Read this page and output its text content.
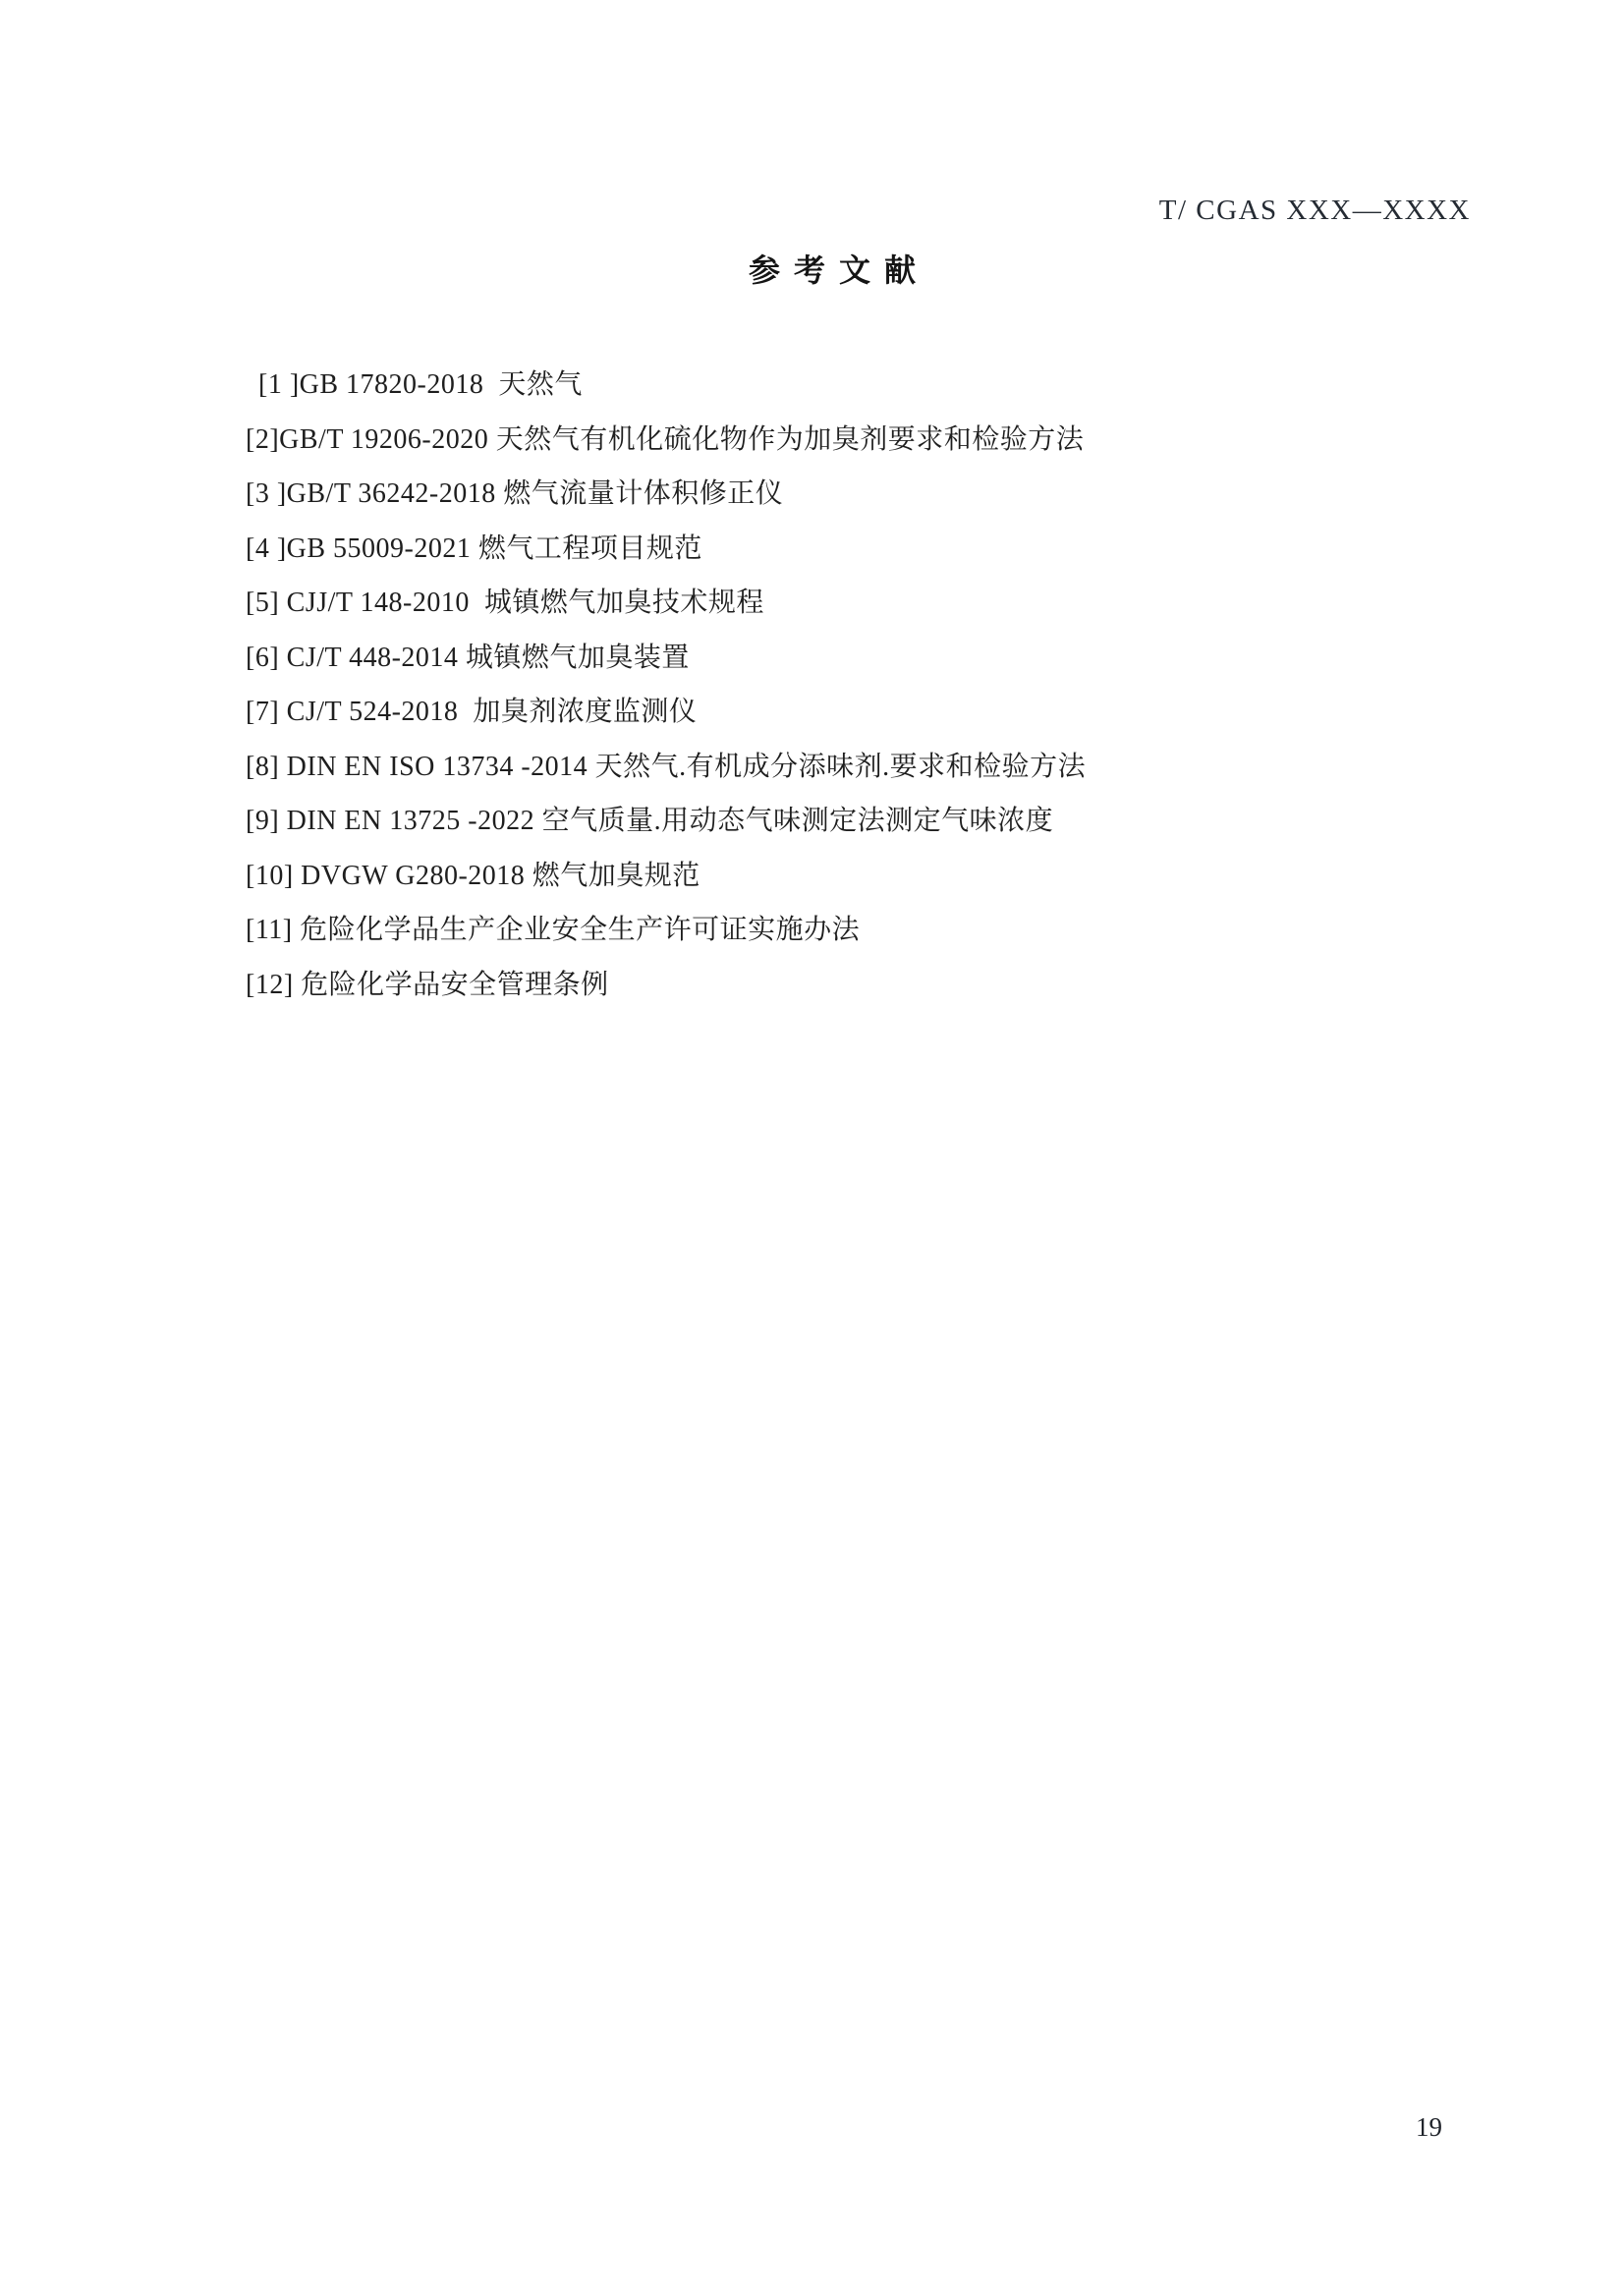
T/ CGAS XXX—XXXX
参 考 文 献
[1 ]GB 17820-2018  天然气
[2]GB/T 19206-2020 天然气有机化硫化物作为加臭剂要求和检验方法
[3 ]GB/T 36242-2018 燃气流量计体积修正仪
[4 ]GB 55009-2021 燃气工程项目规范
[5] CJJ/T 148-2010  城镇燃气加臭技术规程
[6] CJ/T 448-2014 城镇燃气加臭装置
[7] CJ/T 524-2018  加臭剂浓度监测仪
[8] DIN EN ISO 13734 -2014 天然气.有机成分添味剂.要求和检验方法
[9] DIN EN 13725 -2022 空气质量.用动态气味测定法测定气味浓度
[10] DVGW G280-2018 燃气加臭规范
[11] 危险化学品生产企业安全生产许可证实施办法
[12] 危险化学品安全管理条例
19
